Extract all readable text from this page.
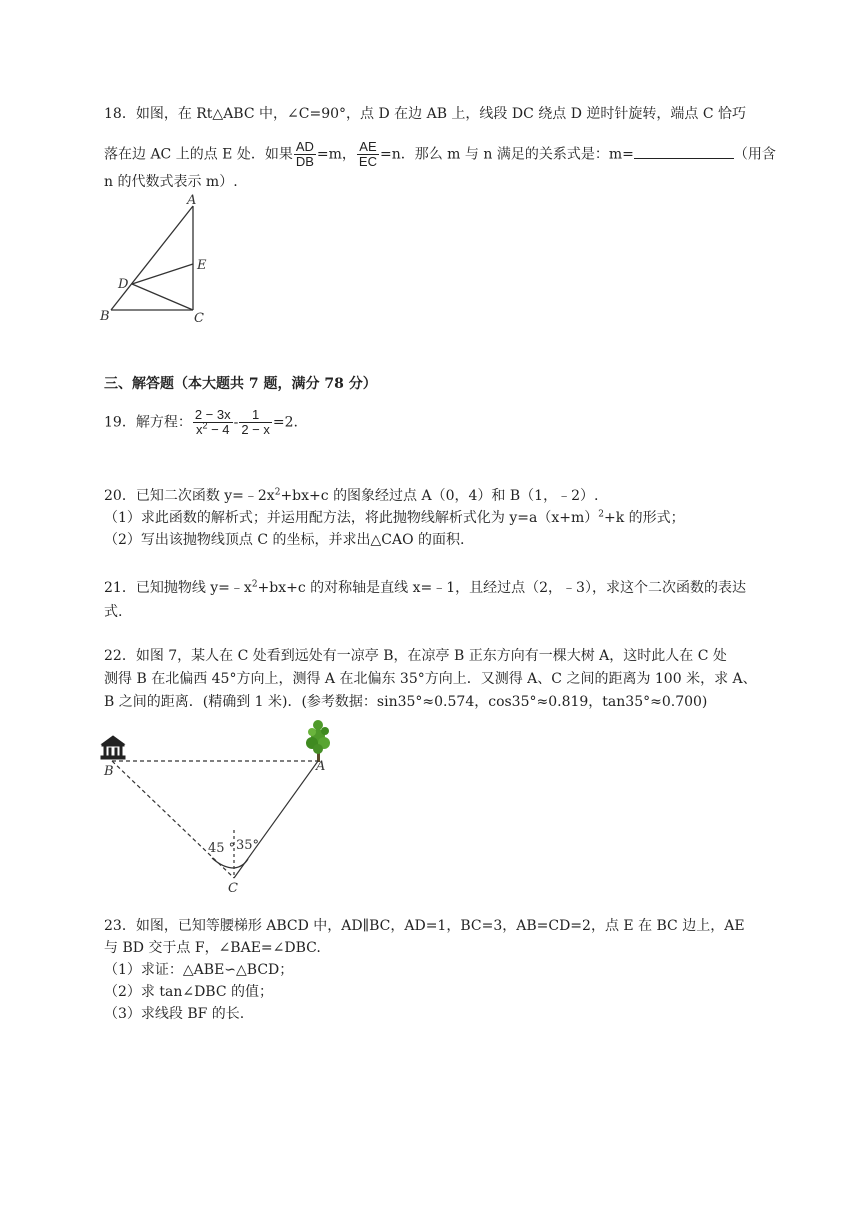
18．如图，在 Rt△ABC 中，∠C=90°，点 D 在边 AB 上，线段 DC 绕点 D 逆时针旋转，端点 C 恰巧
落在边 AC 上的点 E 处．如果 $\frac{AD}{DB} =m$， $\frac{AE}{EC} =n$．那么 m 与 n 满足的关系式是：m=	（用含
n 的代数式表示 m）.
A
B	C
D
E
三、解答题（本大题共 7 题，满分 78 分）
19．解方程： $\frac{2 - 3x}{x^2 - 4} - \frac{1}{2 - x} =2$.
20．已知二次函数 $y=﹣2x^2+bx+c$ 的图象经过点 A（0，4）和 B（1，﹣2）.
（1）求此函数的解析式；并运用配方法，将此抛物线解析式化为 $y=a(x+m)^2+k$ 的形式；
（2）写出该抛物线顶点 C 的坐标，并求出△CAO 的面积.
21．已知抛物线 $y=﹣x^2+bx+c$ 的对称轴是直线 x=﹣1，且经过点（2，﹣3），求这个二次函数的表达
式.
22．如图 7，某人在 C 处看到远处有一凉亭 B，在凉亭 B 正东方向有一棵大树 A，这时此人在 C 处
测得 B 在北偏西 45°方向上，测得 A 在北偏东 35°方向上．又测得 A、C 之间的距离为 100 米，求 A、
B 之间的距离．(精确到 1 米)．(参考数据：sin35°≈0.574，cos35°≈0.819，tan35°≈0.700)
B	A
C
45 ° 35°
23．如图，已知等腰梯形 ABCD 中，AD∥BC，AD=1，BC=3，AB=CD=2，点 E 在 BC 边上，AE
与 BD 交于点 F，∠BAE=∠DBC.
（1）求证：△ABE∽△BCD；
（2）求 tan∠DBC 的值；
（3）求线段 BF 的长.
